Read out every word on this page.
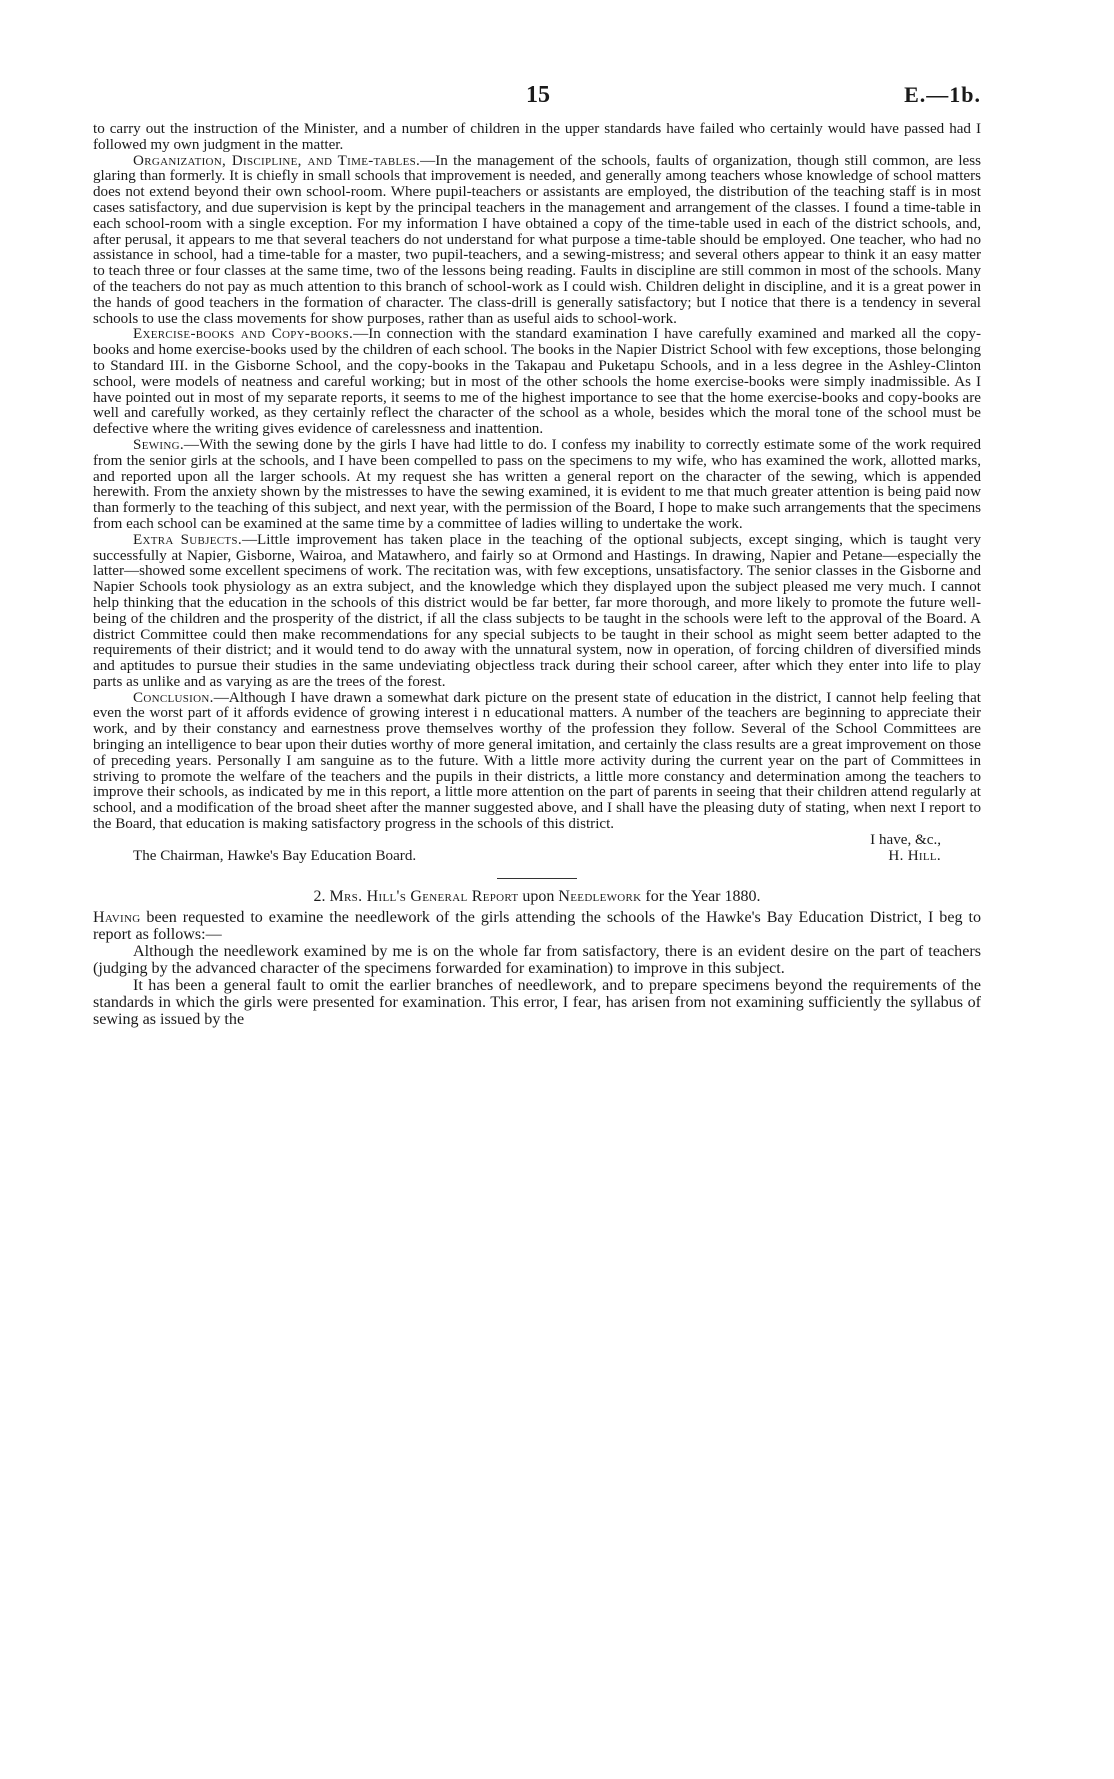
15	E.—1b.

to carry out the instruction of the Minister, and a number of children in the upper standards have failed who certainly would have passed had I followed my own judgment in the matter.

Organization, Discipline, and Time-tables.—In the management of the schools, faults of organization, though still common, are less glaring than formerly. It is chiefly in small schools that improvement is needed, and generally among teachers whose knowledge of school matters does not extend beyond their own school-room. Where pupil-teachers or assistants are employed, the distribution of the teaching staff is in most cases satisfactory, and due supervision is kept by the principal teachers in the management and arrangement of the classes. I found a time-table in each school-room with a single exception. For my information I have obtained a copy of the time-table used in each of the district schools, and, after perusal, it appears to me that several teachers do not understand for what purpose a time-table should be employed. One teacher, who had no assistance in school, had a time-table for a master, two pupil-teachers, and a sewing-mistress; and several others appear to think it an easy matter to teach three or four classes at the same time, two of the lessons being reading. Faults in discipline are still common in most of the schools. Many of the teachers do not pay as much attention to this branch of school-work as I could wish. Children delight in discipline, and it is a great power in the hands of good teachers in the formation of character. The class-drill is generally satisfactory; but I notice that there is a tendency in several schools to use the class movements for show purposes, rather than as useful aids to school-work.

Exercise-books and Copy-books.—In connection with the standard examination I have carefully examined and marked all the copy-books and home exercise-books used by the children of each school. The books in the Napier District School with few exceptions, those belonging to Standard III. in the Gisborne School, and the copy-books in the Takapau and Puketapu Schools, and in a less degree in the Ashley-Clinton school, were models of neatness and careful working; but in most of the other schools the home exercise-books were simply inadmissible. As I have pointed out in most of my separate reports, it seems to me of the highest importance to see that the home exercise-books and copy-books are well and carefully worked, as they certainly reflect the character of the school as a whole, besides which the moral tone of the school must be defective where the writing gives evidence of carelessness and inattention.

Sewing.—With the sewing done by the girls I have had little to do. I confess my inability to correctly estimate some of the work required from the senior girls at the schools, and I have been compelled to pass on the specimens to my wife, who has examined the work, allotted marks, and reported upon all the larger schools. At my request she has written a general report on the character of the sewing, which is appended herewith. From the anxiety shown by the mistresses to have the sewing examined, it is evident to me that much greater attention is being paid now than formerly to the teaching of this subject, and next year, with the permission of the Board, I hope to make such arrangements that the specimens from each school can be examined at the same time by a committee of ladies willing to undertake the work.

Extra Subjects.—Little improvement has taken place in the teaching of the optional subjects, except singing, which is taught very successfully at Napier, Gisborne, Wairoa, and Matawhero, and fairly so at Ormond and Hastings. In drawing, Napier and Petane—especially the latter—showed some excellent specimens of work. The recitation was, with few exceptions, unsatisfactory. The senior classes in the Gisborne and Napier Schools took physiology as an extra subject, and the knowledge which they displayed upon the subject pleased me very much. I cannot help thinking that the education in the schools of this district would be far better, far more thorough, and more likely to promote the future well-being of the children and the prosperity of the district, if all the class subjects to be taught in the schools were left to the approval of the Board. A district Committee could then make recommendations for any special subjects to be taught in their school as might seem better adapted to the requirements of their district; and it would tend to do away with the unnatural system, now in operation, of forcing children of diversified minds and aptitudes to pursue their studies in the same undeviating objectless track during their school career, after which they enter into life to play parts as unlike and as varying as are the trees of the forest.

Conclusion.—Although I have drawn a somewhat dark picture on the present state of education in the district, I cannot help feeling that even the worst part of it affords evidence of growing interest i n educational matters. A number of the teachers are beginning to appreciate their work, and by their constancy and earnestness prove themselves worthy of the profession they follow. Several of the School Committees are bringing an intelligence to bear upon their duties worthy of more general imitation, and certainly the class results are a great improvement on those of preceding years. Personally I am sanguine as to the future. With a little more activity during the current year on the part of Committees in striving to promote the welfare of the teachers and the pupils in their districts, a little more constancy and determination among the teachers to improve their schools, as indicated by me in this report, a little more attention on the part of parents in seeing that their children attend regularly at school, and a modification of the broad sheet after the manner suggested above, and I shall have the pleasing duty of stating, when next I report to the Board, that education is making satisfactory progress in the schools of this district.

I have, &c.,
The Chairman, Hawke's Bay Education Board.	H. Hill.
2. Mrs. Hill's General Report upon Needlework for the Year 1880.

Having been requested to examine the needlework of the girls attending the schools of the Hawke's Bay Education District, I beg to report as follows:—

Although the needlework examined by me is on the whole far from satisfactory, there is an evident desire on the part of teachers (judging by the advanced character of the specimens forwarded for examination) to improve in this subject.

It has been a general fault to omit the earlier branches of needlework, and to prepare specimens beyond the requirements of the standards in which the girls were presented for examination. This error, I fear, has arisen from not examining sufficiently the syllabus of sewing as issued by the
